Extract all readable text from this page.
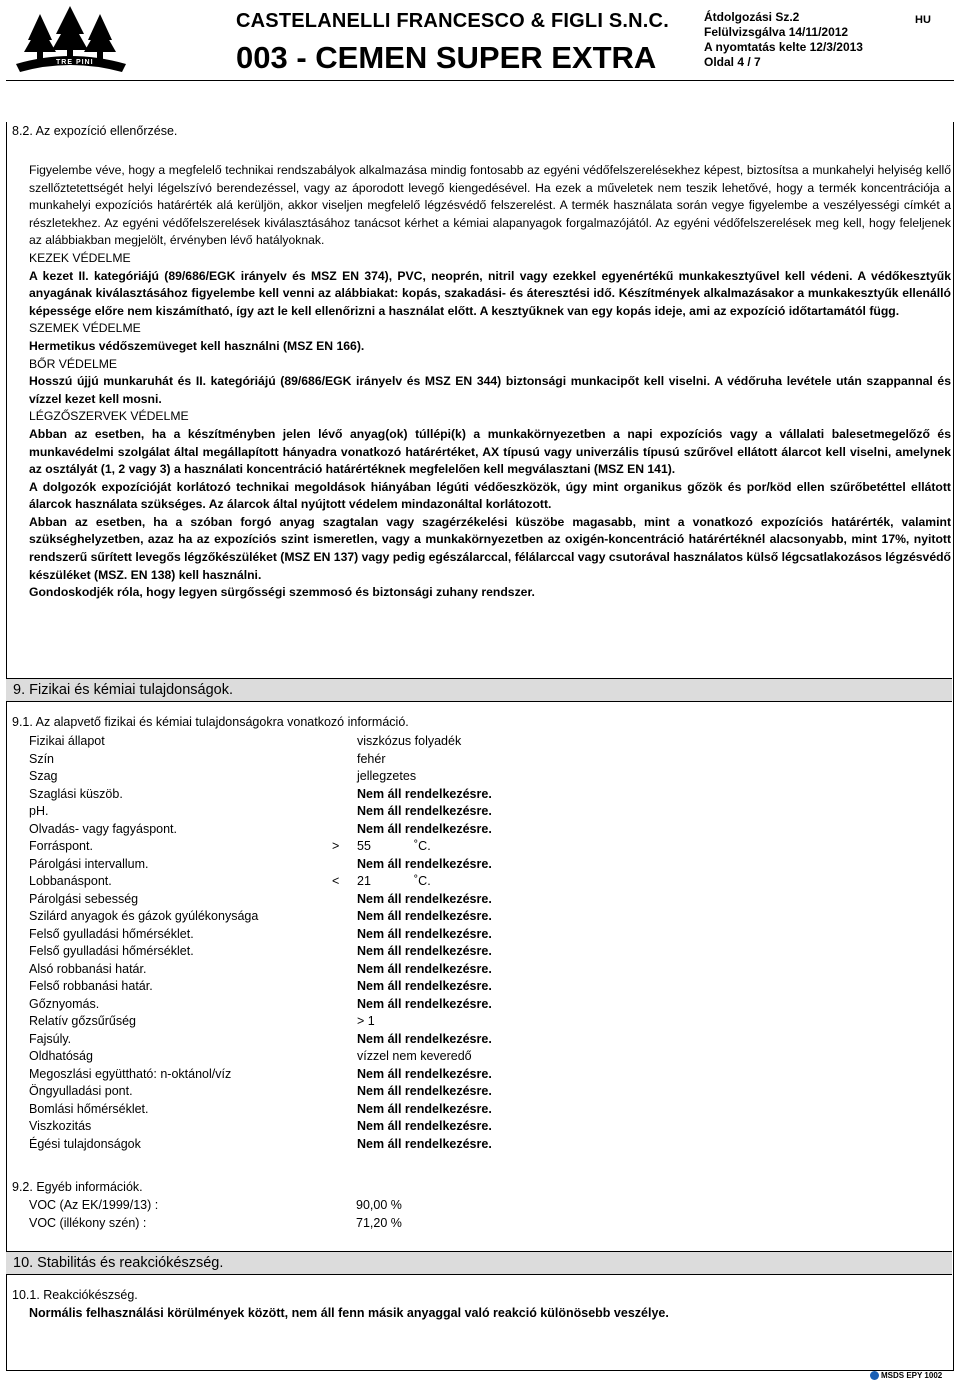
TRE PINI
CASTELANELLI FRANCESCO & FIGLI S.N.C.
003 - CEMEN SUPER EXTRA
Átdolgozási Sz.2
Felülvizsgálva 14/11/2012
A nyomtatás kelte 12/3/2013
Oldal 4 / 7
HU
8.2. Az expozíció ellenőrzése.

Figyelembe véve, hogy a megfelelő technikai rendszabályok alkalmazása mindig fontosabb az egyéni védőfelszerelésekhez képest, biztosítsa a munkahelyi helyiség kellő szellőztetettségét helyi légelszívó berendezéssel, vagy az áporodott levegő kiengedésével. Ha ezek a műveletek nem teszik lehetővé, hogy a termék koncentrációja a munkahelyi expozíciós határérték alá kerüljön, akkor viseljen megfelelő légzésvédő felszerelést. A termék használata során vegye figyelembe a veszélyességi címkét a részletekhez. Az egyéni védőfelszerelések kiválasztásához tanácsot kérhet a kémiai alapanyagok forgalmazójától. Az egyéni védőfelszerelések meg kell, hogy feleljenek az alábbiakban megjelölt, érvényben lévő hatályoknak.

KEZEK VÉDELME

A kezet II. kategóriájú (89/686/EGK irányelv és MSZ EN 374), PVC, neoprén, nitril vagy ezekkel egyenértékű munkakesztyűvel kell védeni. A védőkesztyűk anyagának kiválasztásához figyelembe kell venni az alábbiakat: kopás, szakadási- és áteresztési idő. Készítmények alkalmazásakor a munkakesztyűk ellenálló képessége előre nem kiszámítható, így azt le kell ellenőrizni a használat előtt. A kesztyűknek van egy kopás ideje, ami az expozíció időtartamától függ.

SZEMEK VÉDELME

Hermetikus védőszemüveget kell használni (MSZ EN 166).

BŐR VÉDELME

Hosszú újjú munkaruhát és II. kategóriájú (89/686/EGK irányelv és MSZ EN 344) biztonsági munkacipőt kell viselni. A védőruha levétele után szappannal és vízzel kezet kell mosni.

LÉGZŐSZERVEK VÉDELME

Abban az esetben, ha a készítményben jelen lévő anyag(ok) túllépi(k) a munkakörnyezetben a napi expozíciós vagy a vállalati balesetmegelőző és munkavédelmi szolgálat által megállapított hányadra vonatkozó határértéket, AX típusú vagy univerzális típusú szűrővel ellátott álarcot kell viselni, amelynek az osztályát (1, 2 vagy 3) a használati koncentráció határértéknek megfelelően kell megválasztani (MSZ EN 141).

A dolgozók expozícióját korlátozó technikai megoldások hiányában légúti védőeszközök, úgy mint organikus gőzök és por/köd ellen szűrőbetéttel ellátott álarcok használata szükséges. Az álarcok által nyújtott védelem mindazonáltal korlátozott.

Abban az esetben, ha a szóban forgó anyag szagtalan vagy szagérzékelési küszöbe magasabb, mint a vonatkozó expozíciós határérték, valamint szükséghelyzetben, azaz ha az expozíciós szint ismeretlen, vagy a munkakörnyezetben az oxigén-koncentráció határértéknél alacsonyabb, mint 17%, nyitott rendszerű sűrített levegős légzőkészüléket (MSZ EN 137) vagy pedig egészálarccal, félálarccal vagy csutorával használatos külső légcsatlakozásos légzésvédő készüléket (MSZ. EN 138) kell használni.

Gondoskodjék róla, hogy legyen sürgősségi szemmosó és biztonsági zuhany rendszer.

9. Fizikai és kémiai tulajdonságok.
9.1. Az alapvető fizikai és kémiai tulajdonságokra vonatkozó információ.
Fizikai állapot	viszkózus folyadék
Szín	fehér
Szag	jellegzetes
Szaglási küszöb.	Nem áll rendelkezésre.
pH.	Nem áll rendelkezésre.
Olvadás- vagy fagyáspont.	Nem áll rendelkezésre.
Forráspont.	> 55	˚C.
Párolgási intervallum.	Nem áll rendelkezésre.
Lobbanáspont.	< 21	˚C.
Párolgási sebesség	Nem áll rendelkezésre.
Szilárd anyagok és gázok gyúlékonysága	Nem áll rendelkezésre.
Felső gyulladási hőmérséklet.	Nem áll rendelkezésre.
Felső gyulladási hőmérséklet.	Nem áll rendelkezésre.
Alsó robbanási határ.	Nem áll rendelkezésre.
Felső robbanási határ.	Nem áll rendelkezésre.
Gőznyomás.	Nem áll rendelkezésre.
Relatív gőzsűrűség	> 1
Fajsúly.	Nem áll rendelkezésre.
Oldhatóság	vízzel nem keveredő
Megoszlási együttható: n-oktánol/víz	Nem áll rendelkezésre.
Öngyulladási pont.	Nem áll rendelkezésre.
Bomlási hőmérséklet.	Nem áll rendelkezésre.
Viszkozitás	Nem áll rendelkezésre.
Égési tulajdonságok	Nem áll rendelkezésre.
9.2. Egyéb információk.
VOC (Az EK/1999/13) :	90,00 %
VOC (illékony szén) :	71,20 %
10. Stabilitás és reakciókészség.
10.1. Reakciókészség.
Normális felhasználási körülmények között, nem áll fenn másik anyaggal való reakció különösebb veszélye.
MSDS EPY 1002
